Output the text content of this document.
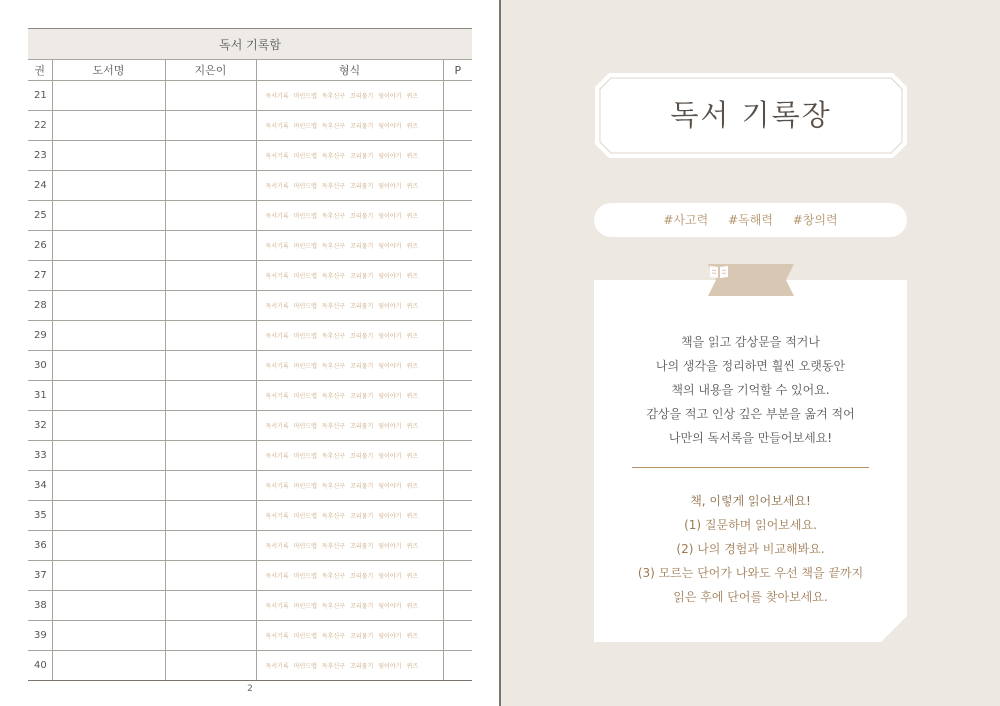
독서 기록함				
권	도서명	지은이	형식	P
21			독서기록 마인드맵 독후신구 꼬리물기 뒷이야기 퀴즈	
22			독서기록 마인드맵 독후신구 꼬리물기 뒷이야기 퀴즈	
23			독서기록 마인드맵 독후신구 꼬리물기 뒷이야기 퀴즈	
24			독서기록 마인드맵 독후신구 꼬리물기 뒷이야기 퀴즈	
25			독서기록 마인드맵 독후신구 꼬리물기 뒷이야기 퀴즈	
26			독서기록 마인드맵 독후신구 꼬리물기 뒷이야기 퀴즈	
27			독서기록 마인드맵 독후신구 꼬리물기 뒷이야기 퀴즈	
28			독서기록 마인드맵 독후신구 꼬리물기 뒷이야기 퀴즈	
29			독서기록 마인드맵 독후신구 꼬리물기 뒷이야기 퀴즈	
30			독서기록 마인드맵 독후신구 꼬리물기 뒷이야기 퀴즈	
31			독서기록 마인드맵 독후신구 꼬리물기 뒷이야기 퀴즈	
32			독서기록 마인드맵 독후신구 꼬리물기 뒷이야기 퀴즈	
33			독서기록 마인드맵 독후신구 꼬리물기 뒷이야기 퀴즈	
34			독서기록 마인드맵 독후신구 꼬리물기 뒷이야기 퀴즈	
35			독서기록 마인드맵 독후신구 꼬리물기 뒷이야기 퀴즈	
36			독서기록 마인드맵 독후신구 꼬리물기 뒷이야기 퀴즈	
37			독서기록 마인드맵 독후신구 꼬리물기 뒷이야기 퀴즈	
38			독서기록 마인드맵 독후신구 꼬리물기 뒷이야기 퀴즈	
39			독서기록 마인드맵 독후신구 꼬리물기 뒷이야기 퀴즈	
40			독서기록 마인드맵 독후신구 꼬리물기 뒷이야기 퀴즈	
2
독서 기록장
#사고력 #독해력 #창의력
책을 읽고 감상문을 적거나
나의 생각을 정리하면 훨씬 오랫동안
책의 내용을 기억할 수 있어요.
감상을 적고 인상 깊은 부분을 옮겨 적어
나만의 독서록을 만들어보세요!
책, 이렇게 읽어보세요!
(1) 질문하며 읽어보세요.
(2) 나의 경험과 비교해봐요.
(3) 모르는 단어가 나와도 우선 책을 끝까지
읽은 후에 단어를 찾아보세요.
